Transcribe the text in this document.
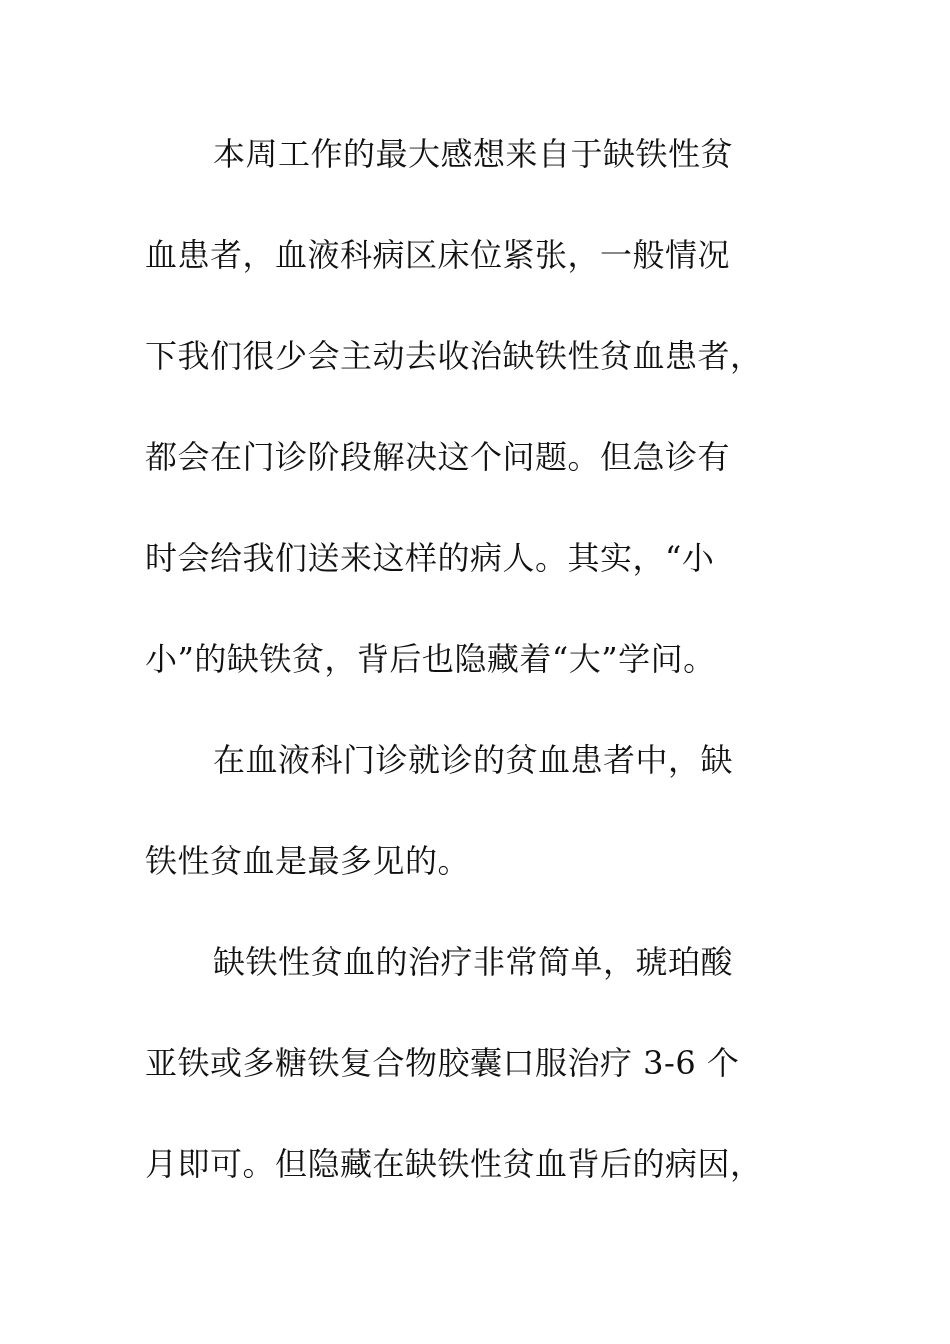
本周工作的最大感想来自于缺铁性贫
血患者，血液科病区床位紧张，一般情况
下我们很少会主动去收治缺铁性贫血患者，
都会在门诊阶段解决这个问题。但急诊有
时会给我们送来这样的病人。其实，“小
小”的缺铁贫，背后也隐藏着“大”学问。
在血液科门诊就诊的贫血患者中，缺
铁性贫血是最多见的。
缺铁性贫血的治疗非常简单，琥珀酸
亚铁或多糖铁复合物胶囊口服治疗 3-6 个
月即可。但隐藏在缺铁性贫血背后的病因，
